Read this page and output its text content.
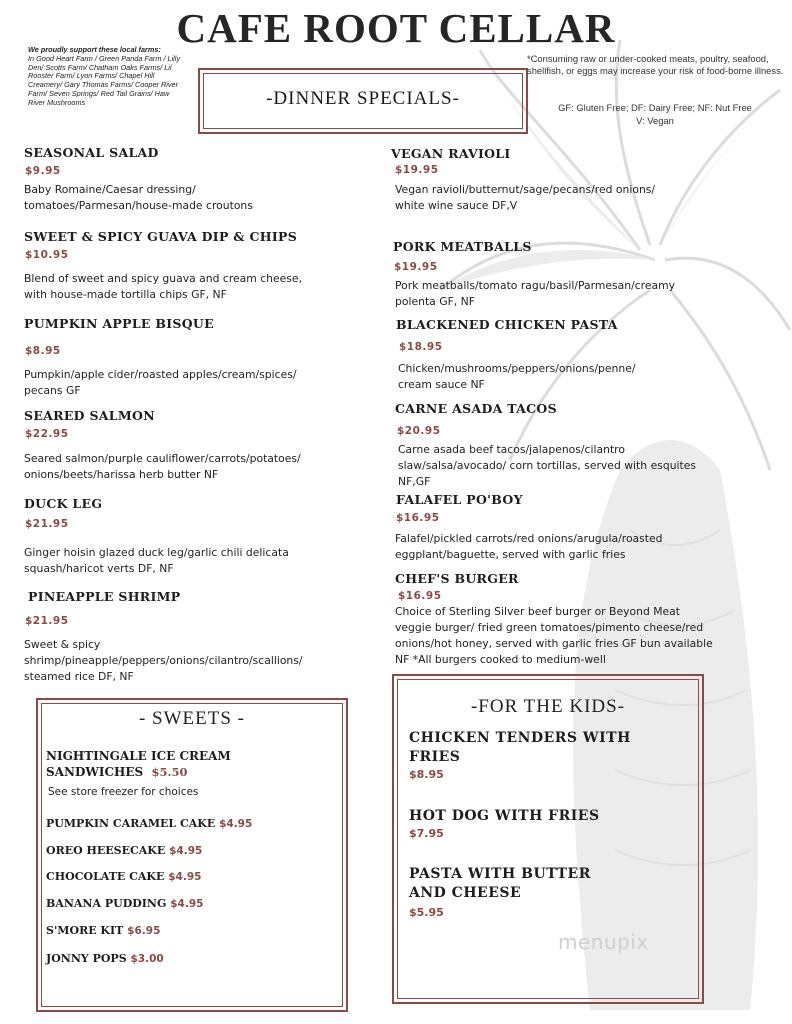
CAFE ROOT CELLAR
We proudly support these local farms:
In Good Heart Farm / Green Panda Farm / Lilly Den/ Scotts Farm/ Chatham Oaks Farms/ Lil Rooster Farm/ Lyon Farms/ Chapel Hill Creamery/ Gary Thomas Farms/ Cooper River Farm/ Seven Springs/ Red Tail Grains/ Haw River Mushrooms	-DINNER SPECIALS-
*Consuming raw or under-cooked meats, poultry, seafood, shellfish, or eggs may increase your risk of food-borne illness.
GF: Gluten Free; DF: Dairy Free; NF: Nut Free
V: Vegan
SEASONAL SALAD
$9.95
Baby Romaine/Caesar dressing/
tomatoes/Parmesan/house-made croutons
SWEET & SPICY GUAVA DIP & CHIPS
$10.95
Blend of sweet and spicy guava and cream cheese,
with house-made tortilla chips GF, NF
PUMPKIN APPLE BISQUE
$8.95
Pumpkin/apple cider/roasted apples/cream/spices/
pecans GF
SEARED SALMON
$22.95
Seared salmon/purple cauliflower/carrots/potatoes/
onions/beets/harissa herb butter NF
DUCK LEG
$21.95
Ginger hoisin glazed duck leg/garlic chili delicata
squash/haricot verts DF, NF
PINEAPPLE SHRIMP
$21.95
Sweet & spicy
shrimp/pineapple/peppers/onions/cilantro/scallions/
steamed rice DF, NF
VEGAN RAVIOLI
$19.95
Vegan ravioli/butternut/sage/pecans/red onions/
white wine sauce DF,V
PORK MEATBALLS
$19.95
Pork meatballs/tomato ragu/basil/Parmesan/creamy
polenta GF, NF
BLACKENED CHICKEN PASTA
$18.95
Chicken/mushrooms/peppers/onions/penne/
cream sauce NF
CARNE ASADA TACOS
$20.95
Carne asada beef tacos/jalapenos/cilantro
slaw/salsa/avocado/ corn tortillas, served with esquites
NF,GF
FALAFEL PO'BOY
$16.95
Falafel/pickled carrots/red onions/arugula/roasted
eggplant/baguette, served with garlic fries
CHEF'S BURGER
$16.95
Choice of Sterling Silver beef burger or Beyond Meat
veggie burger/ fried green tomatoes/pimento cheese/red
onions/hot honey, served with garlic fries GF bun available
NF *All burgers cooked to medium-well
- SWEETS -
NIGHTINGALE ICE CREAM
SANDWICHES $5.50
See store freezer for choices
PUMPKIN CARAMEL CAKE $4.95
OREO HEESECAKE $4.95
CHOCOLATE CAKE $4.95
BANANA PUDDING $4.95
S'MORE KIT $6.95
JONNY POPS $3.00
-FOR THE KIDS-
CHICKEN TENDERS WITH
FRIES
$8.95
HOT DOG WITH FRIES
$7.95
PASTA WITH BUTTER
AND CHEESE
$5.95
menupix
